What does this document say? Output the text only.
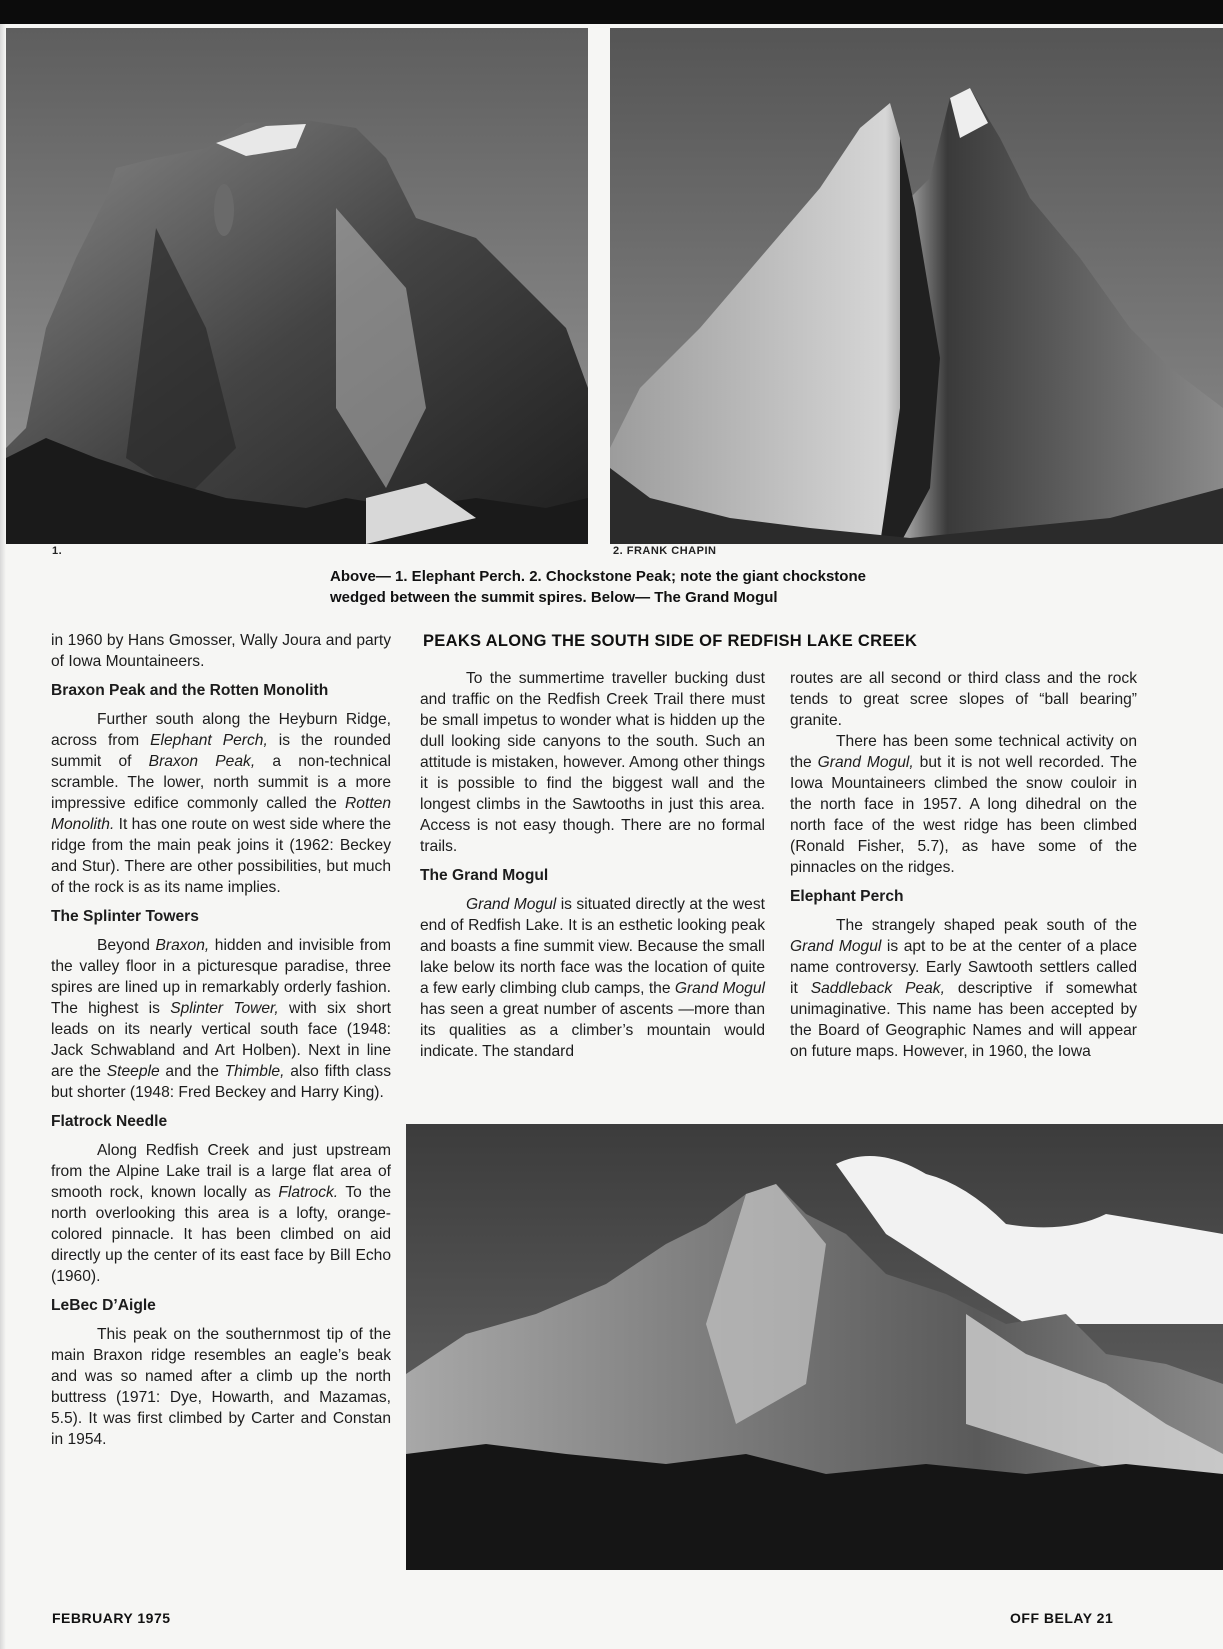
1.	2. FRANK CHAPIN
Above— 1. Elephant Perch. 2. Chockstone Peak; note the giant chockstone
wedged between the summit spires. Below— The Grand Mogul

in 1960 by Hans Gmosser, Wally Joura and party of Iowa Mountaineers.

Braxon Peak and the Rotten Monolith

Further south along the Heyburn Ridge, across from Elephant Perch, is the rounded summit of Braxon Peak, a non-technical scramble. The lower, north summit is a more impressive edifice commonly called the Rotten Monolith. It has one route on west side where the ridge from the main peak joins it (1962: Beckey and Stur). There are other possibilities, but much of the rock is as its name implies.

The Splinter Towers

Beyond Braxon, hidden and invisible from the valley floor in a picturesque paradise, three spires are lined up in remarkably orderly fashion. The highest is Splinter Tower, with six short leads on its nearly vertical south face (1948: Jack Schwabland and Art Holben). Next in line are the Steeple and the Thimble, also fifth class but shorter (1948: Fred Beckey and Harry King).

Flatrock Needle

Along Redfish Creek and just upstream from the Alpine Lake trail is a large flat area of smooth rock, known locally as Flatrock. To the north overlooking this area is a lofty, orange-colored pinnacle. It has been climbed on aid directly up the center of its east face by Bill Echo (1960).

LeBec D’Aigle

This peak on the southernmost tip of the main Braxon ridge resembles an eagle’s beak and was so named after a climb up the north buttress (1971: Dye, Howarth, and Mazamas, 5.5). It was first climbed by Carter and Constan in 1954.

PEAKS ALONG THE SOUTH SIDE OF REDFISH LAKE CREEK

To the summertime traveller bucking dust and traffic on the Redfish Creek Trail there must be small impetus to wonder what is hidden up the dull looking side canyons to the south. Such an attitude is mistaken, however. Among other things it is possible to find the biggest wall and the longest climbs in the Sawtooths in just this area. Access is not easy though. There are no formal trails.

The Grand Mogul

Grand Mogul is situated directly at the west end of Redfish Lake. It is an esthetic looking peak and boasts a fine summit view. Because the small lake below its north face was the location of quite a few early climbing club camps, the Grand Mogul has seen a great number of ascents —more than its qualities as a climber’s mountain would indicate. The standard

routes are all second or third class and the rock tends to great scree slopes of “ball bearing” granite.

There has been some technical activity on the Grand Mogul, but it is not well recorded. The Iowa Mountaineers climbed the snow couloir in the north face in 1957. A long dihedral on the north face of the west ridge has been climbed (Ronald Fisher, 5.7), as have some of the pinnacles on the ridges.

Elephant Perch

The strangely shaped peak south of the Grand Mogul is apt to be at the center of a place name controversy. Early Sawtooth settlers called it Saddleback Peak, descriptive if somewhat unimaginative. This name has been accepted by the Board of Geographic Names and will appear on future maps. However, in 1960, the Iowa

FEBRUARY 1975	OFF BELAY 21
